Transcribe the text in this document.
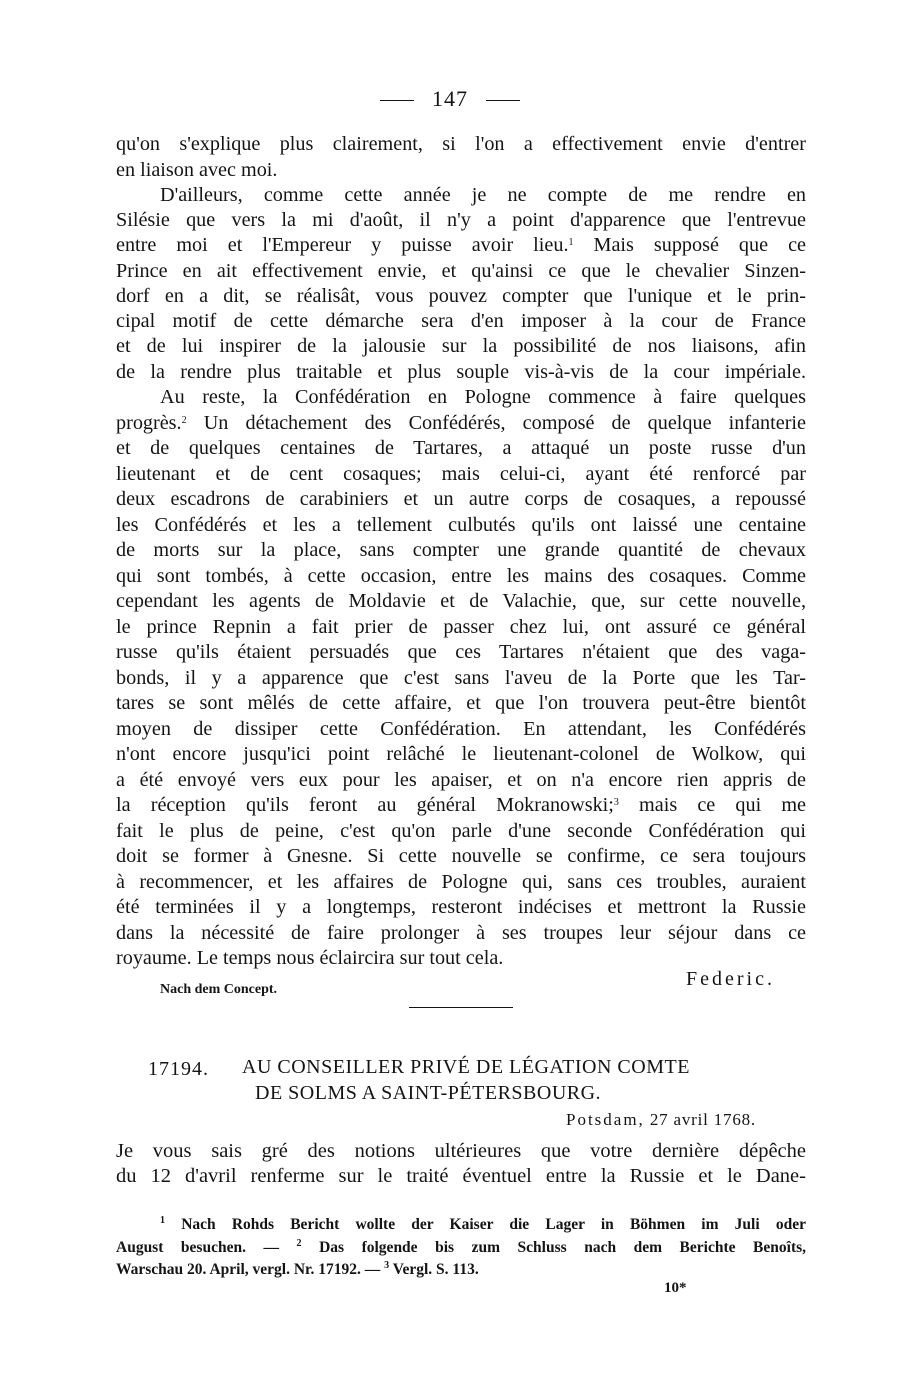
147
qu'on s'explique plus clairement, si l'on a effectivement envie d'entrer
en liaison avec moi.
D'ailleurs, comme cette année je ne compte de me rendre en
Silésie que vers la mi d'août, il n'y a point d'apparence que l'entrevue
entre moi et l'Empereur y puisse avoir lieu.$^1$ Mais supposé que ce
Prince en ait effectivement envie, et qu'ainsi ce que le chevalier Sinzen-
dorf en a dit, se réalisât, vous pouvez compter que l'unique et le prin-
cipal motif de cette démarche sera d'en imposer à la cour de France
et de lui inspirer de la jalousie sur la possibilité de nos liaisons, afin
de la rendre plus traitable et plus souple vis-à-vis de la cour impériale.
Au reste, la Confédération en Pologne commence à faire quelques
progrès.$^2$ Un détachement des Confédérés, composé de quelque infanterie
et de quelques centaines de Tartares, a attaqué un poste russe d'un
lieutenant et de cent cosaques; mais celui-ci, ayant été renforcé par
deux escadrons de carabiniers et un autre corps de cosaques, a repoussé
les Confédérés et les a tellement culbutés qu'ils ont laissé une centaine
de morts sur la place, sans compter une grande quantité de chevaux
qui sont tombés, à cette occasion, entre les mains des cosaques. Comme
cependant les agents de Moldavie et de Valachie, que, sur cette nouvelle,
le prince Repnin a fait prier de passer chez lui, ont assuré ce général
russe qu'ils étaient persuadés que ces Tartares n'étaient que des vaga-
bonds, il y a apparence que c'est sans l'aveu de la Porte que les Tar-
tares se sont mêlés de cette affaire, et que l'on trouvera peut-être bientôt
moyen de dissiper cette Confédération. En attendant, les Confédérés
n'ont encore jusqu'ici point relâché le lieutenant-colonel de Wolkow, qui
a été envoyé vers eux pour les apaiser, et on n'a encore rien appris de
la réception qu'ils feront au général Mokranowski;$^3$ mais ce qui me
fait le plus de peine, c'est qu'on parle d'une seconde Confédération qui
doit se former à Gnesne. Si cette nouvelle se confirme, ce sera toujours
à recommencer, et les affaires de Pologne qui, sans ces troubles, auraient
été terminées il y a longtemps, resteront indécises et mettront la Russie
dans la nécessité de faire prolonger à ses troupes leur séjour dans ce
royaume. Le temps nous éclaircira sur tout cela.
Nach dem Concept.	Federic.
17194. AU CONSEILLER PRIVÉ DE LÉGATION COMTE
DE SOLMS A SAINT-PÉTERSBOURG.
Potsdam, 27 avril 1768.
Je vous sais gré des notions ultérieures que votre dernière dépêche
du 12 d'avril renferme sur le traité éventuel entre la Russie et le Dane-
$^1$ Nach Rohds Bericht wollte der Kaiser die Lager in Böhmen im Juli oder
August besuchen. — $^2$ Das folgende bis zum Schluss nach dem Berichte Benoîts,
Warschau 20. April, vergl. Nr. 17192. — $^3$ Vergl. S. 113.
10*
